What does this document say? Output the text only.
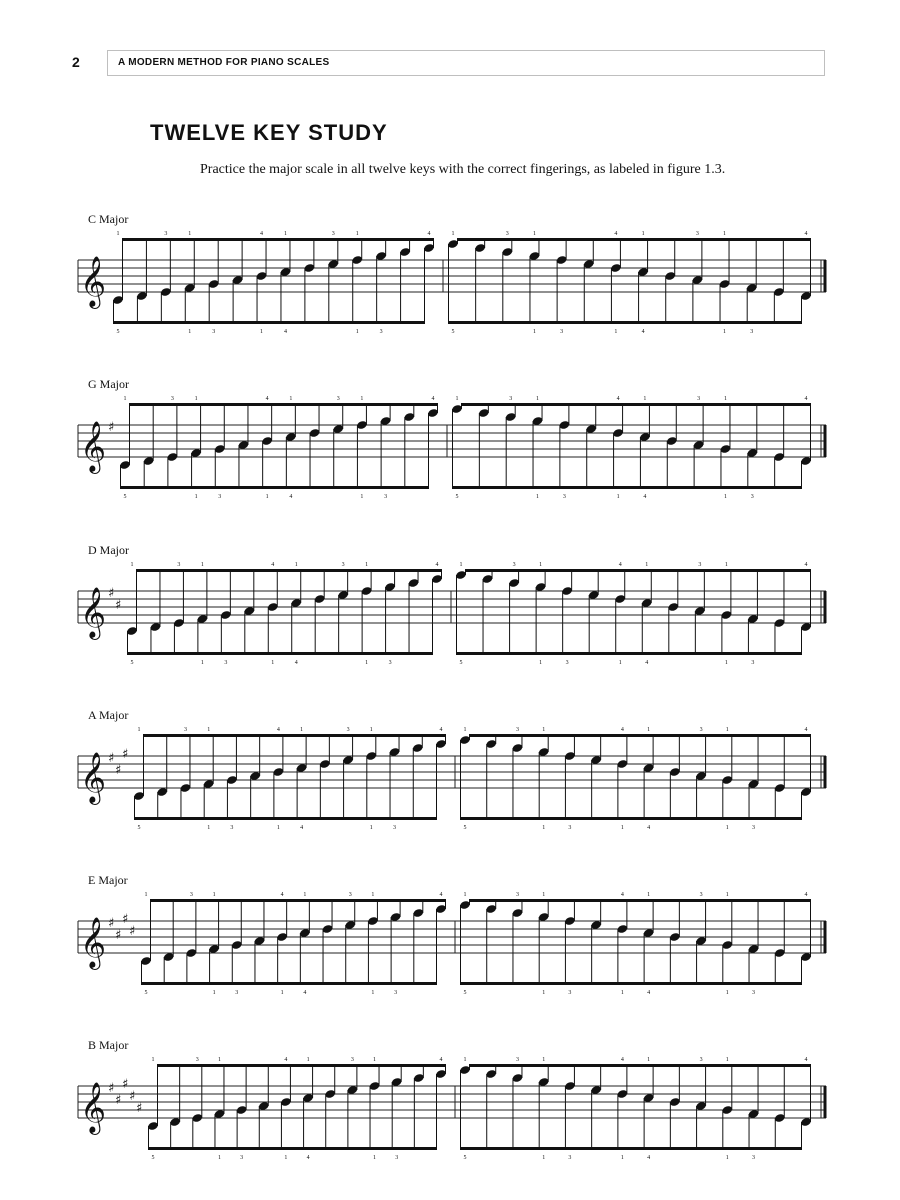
2	A MODERN METHOD FOR PIANO SCALES
TWELVE KEY STUDY
Practice the major scale in all twelve keys with the correct fingerings, as labeled in figure 1.3.
C Major
𝄞
1
5
3	1
1	3
4
1
1
4
3	1
1	3
4	1
5
3	1
1	3
4
1
1
4
3	1
1	3
4
G Major
𝄞 ♯
1
5
3	1
1	3
4
1
1
4
3	1
1	3
4	1
5
3	1
1	3
4
1
1
4
3	1
1	3
4
D Major
𝄞 ♯
♯
1
5
3	1
1	3
4
1
1
4
3	1
1	3
4	1
5
3	1
1	3
4
1
1
4
3	1
1	3
4
A Major
𝄞 ♯
♯
♯
1
5
3	1
1	3
4
1
1
4
3	1
1	3
4	1
5
3	1
1	3
4
1
1
4
3	1
1	3
4
E Major
𝄞 ♯
♯
♯
♯
1
5
3	1
1	3
4
1
1
4
3	1
1	3
4	1
5
3	1
1	3
4
1
1
4
3	1
1	3
4
B Major
𝄞 ♯
♯
♯
♯
♯
1
5
3	1
1	3
4
1
1
4
3	1
1	3
4	1
5
3	1
1	3
4
1
1
4
3	1
1	3
4
